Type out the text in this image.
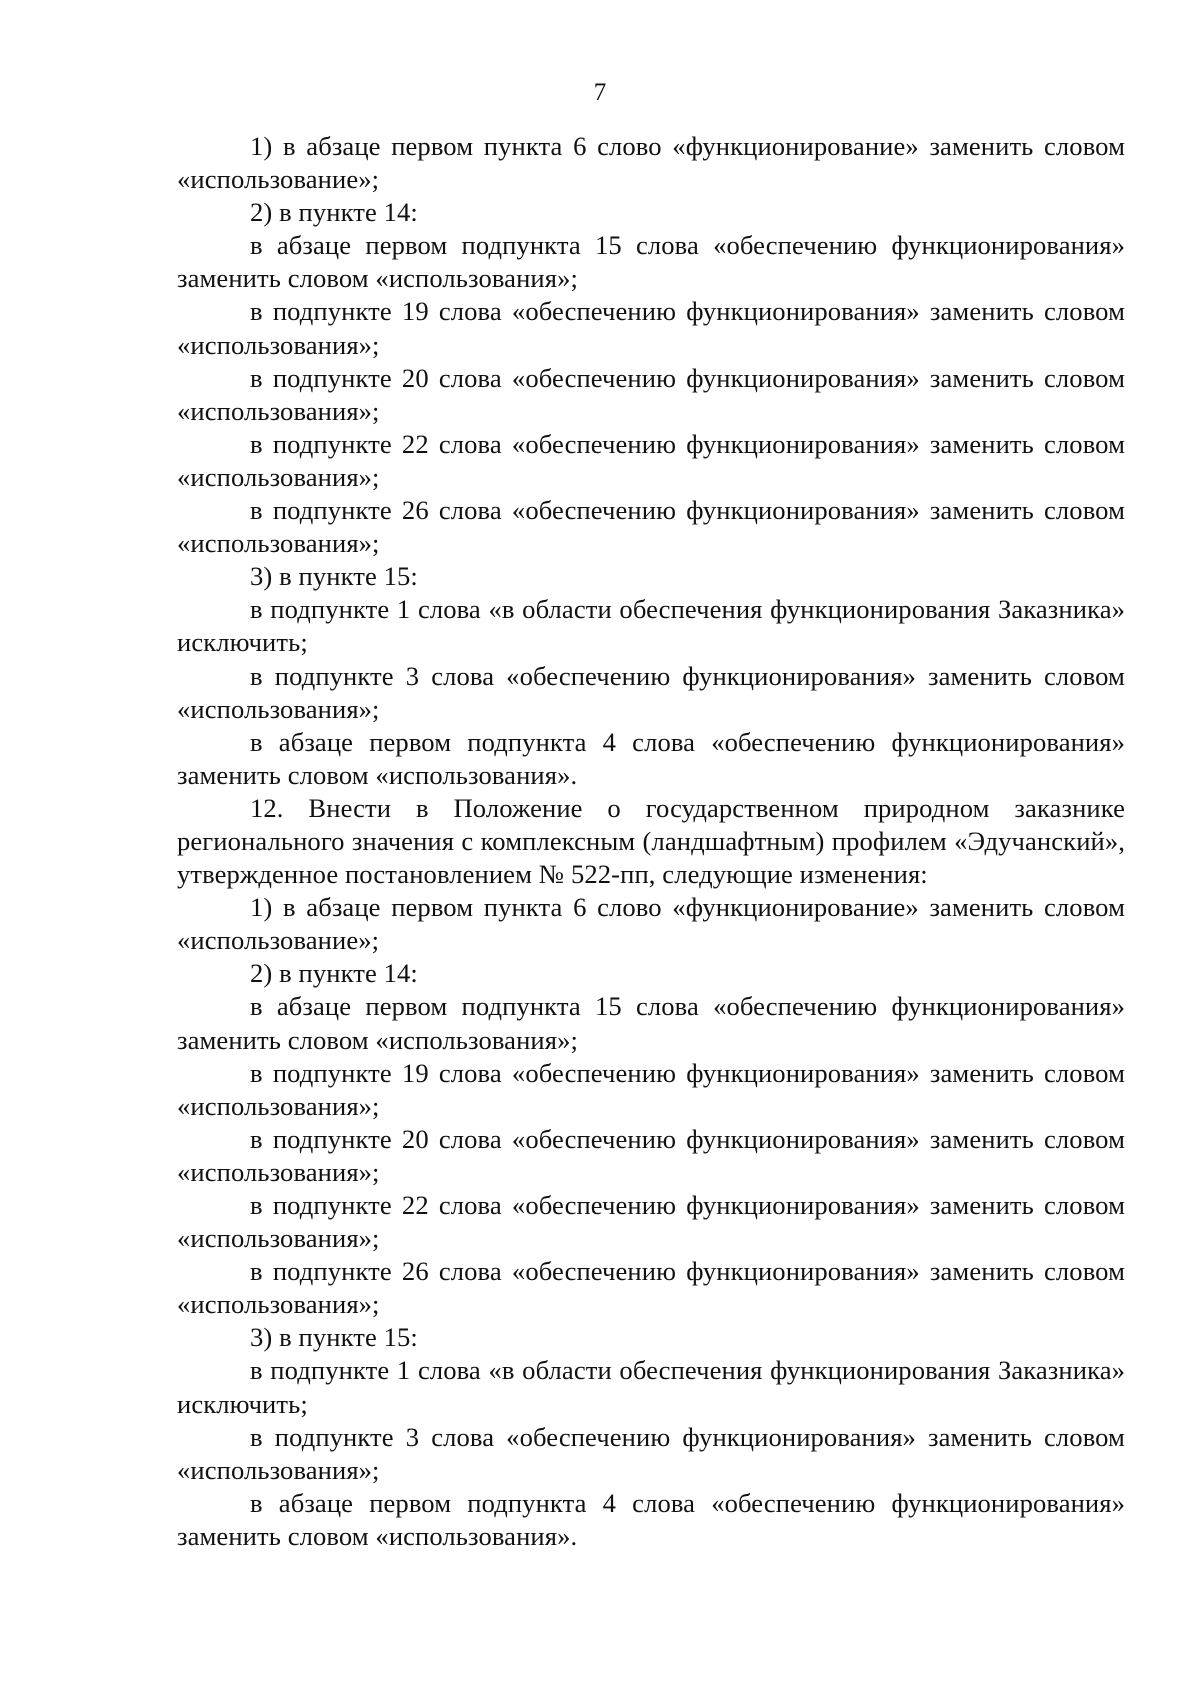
7

1) в абзаце первом пункта 6 слово «функционирование» заменить словом «использование»;

2) в пункте 14:

в абзаце первом подпункта 15 слова «обеспечению функционирования» заменить словом «использования»;

в подпункте 19 слова «обеспечению функционирования» заменить словом «использования»;

в подпункте 20 слова «обеспечению функционирования» заменить словом «использования»;

в подпункте 22 слова «обеспечению функционирования» заменить словом «использования»;

в подпункте 26 слова «обеспечению функционирования» заменить словом «использования»;

3) в пункте 15:

в подпункте 1 слова «в области обеспечения функционирования Заказника» исключить;

в подпункте 3 слова «обеспечению функционирования» заменить словом «использования»;

в абзаце первом подпункта 4 слова «обеспечению функционирования» заменить словом «использования».

12. Внести в Положение о государственном природном заказнике регионального значения с комплексным (ландшафтным) профилем «Эдучанский», утвержденное постановлением № 522-пп, следующие изменения:

1) в абзаце первом пункта 6 слово «функционирование» заменить словом «использование»;

2) в пункте 14:

в абзаце первом подпункта 15 слова «обеспечению функционирования» заменить словом «использования»;

в подпункте 19 слова «обеспечению функционирования» заменить словом «использования»;

в подпункте 20 слова «обеспечению функционирования» заменить словом «использования»;

в подпункте 22 слова «обеспечению функционирования» заменить словом «использования»;

в подпункте 26 слова «обеспечению функционирования» заменить словом «использования»;

3) в пункте 15:

в подпункте 1 слова «в области обеспечения функционирования Заказника» исключить;

в подпункте 3 слова «обеспечению функционирования» заменить словом «использования»;

в абзаце первом подпункта 4 слова «обеспечению функционирования» заменить словом «использования».
